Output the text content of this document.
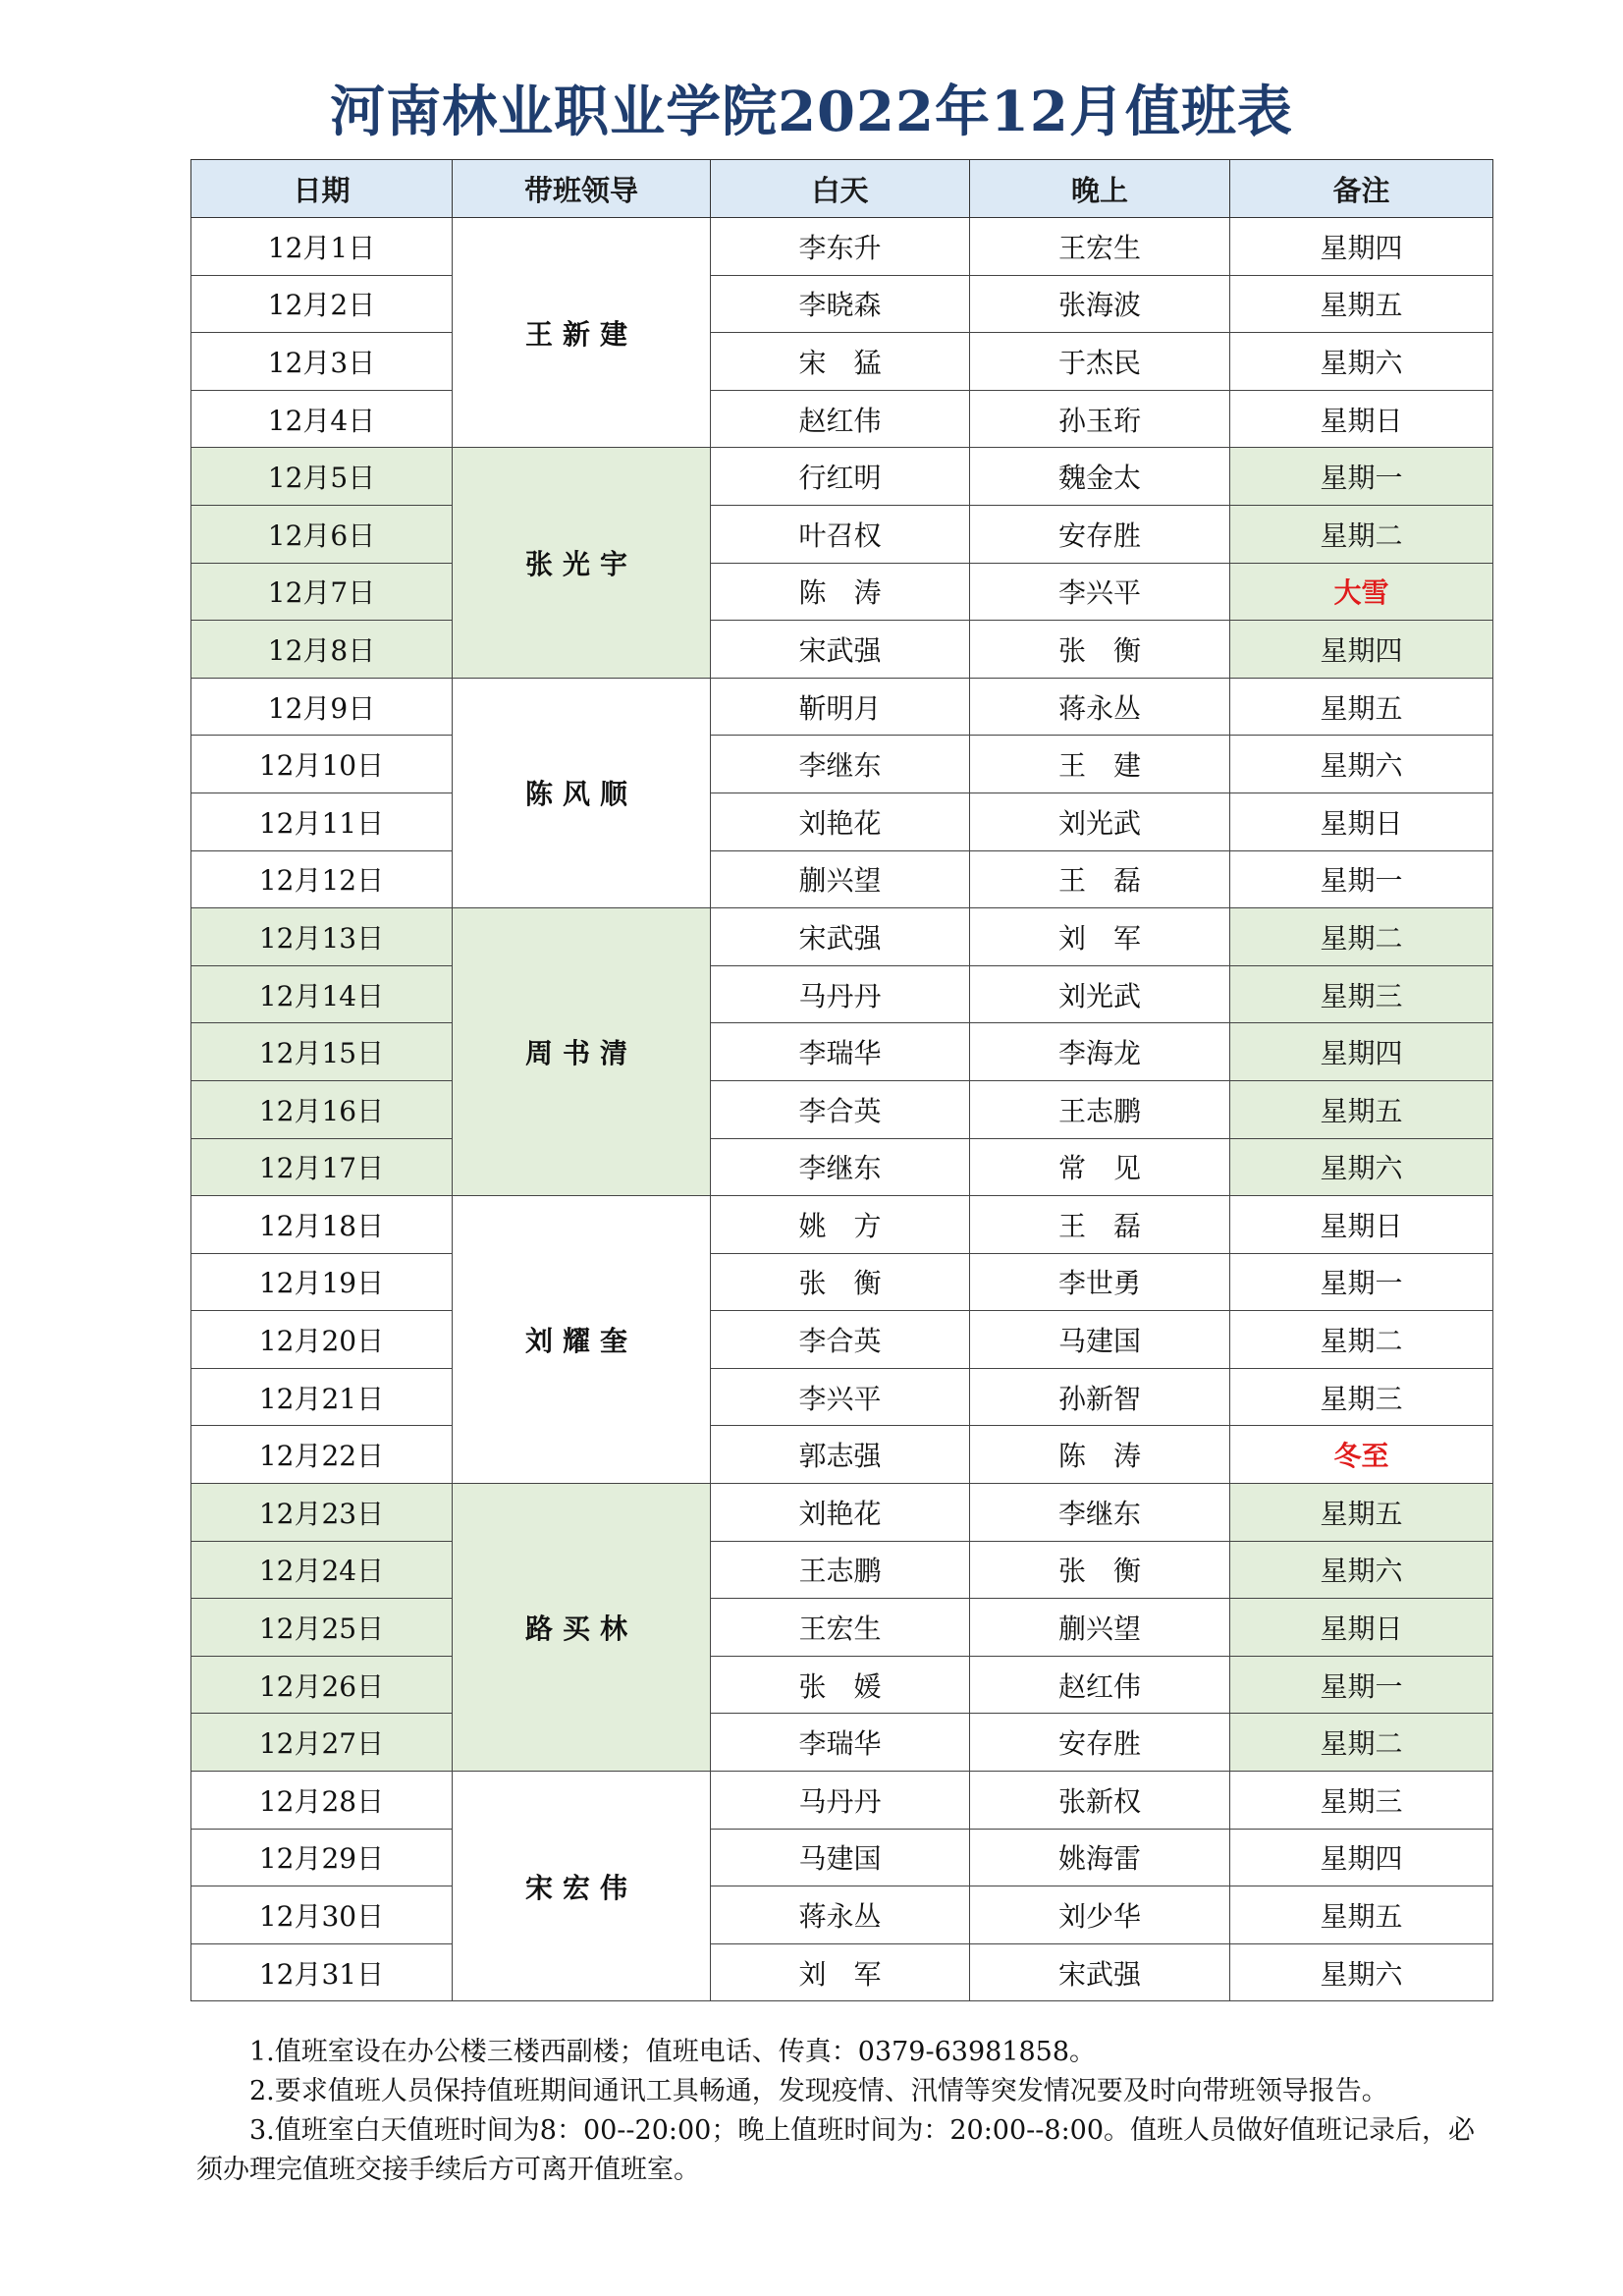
河南林业职业学院2022年12月值班表
日期	带班领导	白天	晚上	备注
12月1日	王新建	李东升	王宏生	星期四
12月2日		李晓森	张海波	星期五
12月3日		宋　猛	于杰民	星期六
12月4日		赵红伟	孙玉珩	星期日
12月5日	张光宇	行红明	魏金太	星期一
12月6日		叶召权	安存胜	星期二
12月7日		陈　涛	李兴平	大雪
12月8日		宋武强	张　衡	星期四
12月9日	陈风顺	靳明月	蒋永丛	星期五
12月10日		李继东	王　建	星期六
12月11日		刘艳花	刘光武	星期日
12月12日		蒯兴望	王　磊	星期一
12月13日	周书清	宋武强	刘　军	星期二
12月14日		马丹丹	刘光武	星期三
12月15日		李瑞华	李海龙	星期四
12月16日		李合英	王志鹏	星期五
12月17日		李继东	常　见	星期六
12月18日	刘耀奎	姚　方	王　磊	星期日
12月19日		张　衡	李世勇	星期一
12月20日		李合英	马建国	星期二
12月21日		李兴平	孙新智	星期三
12月22日		郭志强	陈　涛	冬至
12月23日	路买林	刘艳花	李继东	星期五
12月24日		王志鹏	张　衡	星期六
12月25日		王宏生	蒯兴望	星期日
12月26日		张　媛	赵红伟	星期一
12月27日		李瑞华	安存胜	星期二
12月28日	宋宏伟	马丹丹	张新权	星期三
12月29日		马建国	姚海雷	星期四
12月30日		蒋永丛	刘少华	星期五
12月31日		刘　军	宋武强	星期六

1.值班室设在办公楼三楼西副楼；值班电话、传真：0379-63981858。

2.要求值班人员保持值班期间通讯工具畅通，发现疫情、汛情等突发情况要及时向带班领导报告。

3.值班室白天值班时间为8：00--20:00；晚上值班时间为：20:00--8:00。值班人员做好值班记录后，必须办理完值班交接手续后方可离开值班室。
